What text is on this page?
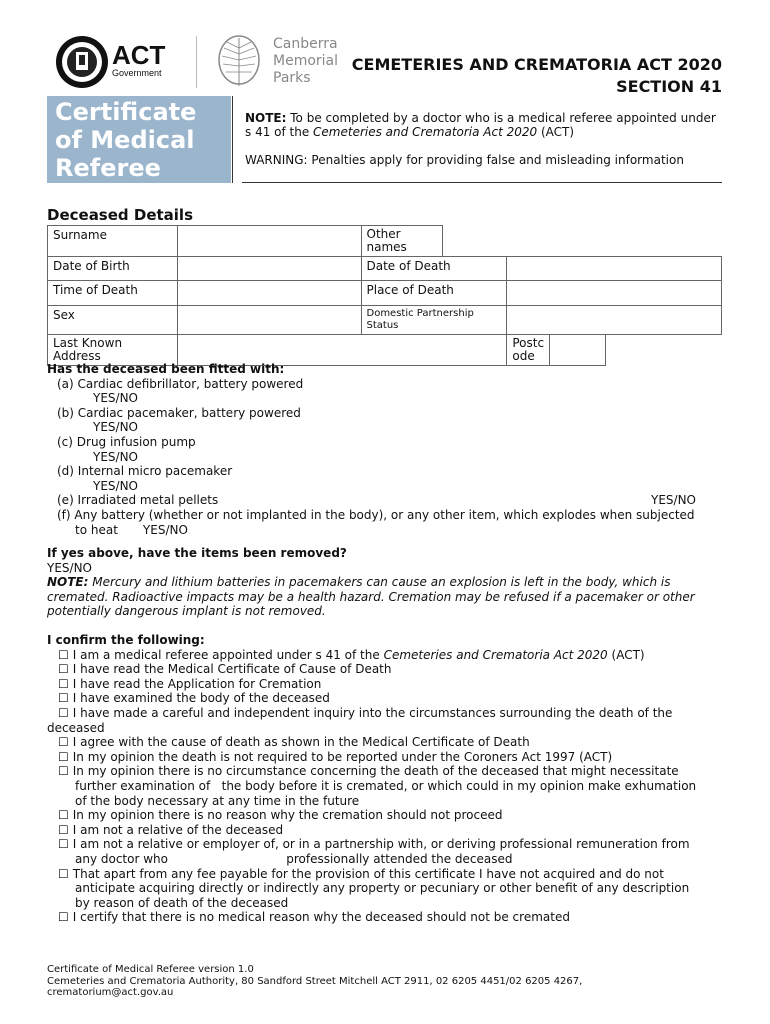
ACT
Government
Canberra
Memorial
Parks
CEMETERIES AND CREMATORIA ACT 2020
SECTION 41
Certificate
of Medical
Referee

NOTE: To be completed by a doctor who is a medical referee appointed under s 41 of the Cemeteries and Crematoria Act 2020 (ACT)

WARNING: Penalties apply for providing false and misleading information

Deceased Details
Surname		Other names				
Date of Birth		Date of Death				
Time of Death		Place of Death				
Sex		Domestic Partnership Status				
Last Known Address				Postcode		
Has the deceased been fitted with:
(a) Cardiac defibrillator, battery powered
YES/NO
(b) Cardiac pacemaker, battery powered
YES/NO
(c) Drug infusion pump
YES/NO
(d) Internal micro pacemaker
YES/NO
(e) Irradiated metal pellets	YES/NO
(f) Any battery (whether or not implanted in the body), or any other item, which explodes when subjected
to heat YES/NO
If yes above, have the items been removed?
YES/NO
NOTE: Mercury and lithium batteries in pacemakers can cause an explosion is left in the body, which is cremated. Radioactive impacts may be a health hazard. Cremation may be refused if a pacemaker or other potentially dangerous implant is not removed.
I confirm the following:
☐ I am a medical referee appointed under s 41 of the Cemeteries and Crematoria Act 2020 (ACT)
☐ I have read the Medical Certificate of Cause of Death
☐ I have read the Application for Cremation
☐ I have examined the body of the deceased
☐ I have made a careful and independent inquiry into the circumstances surrounding the death of the
deceased
☐ I agree with the cause of death as shown in the Medical Certificate of Death
☐ In my opinion the death is not required to be reported under the Coroners Act 1997 (ACT)
☐ In my opinion there is no circumstance concerning the death of the deceased that might necessitate
further examination of   the body before it is cremated, or which could in my opinion make exhumation
of the body necessary at any time in the future
☐ In my opinion there is no reason why the cremation should not proceed
☐ I am not a relative of the deceased
☐ I am not a relative or employer of, or in a partnership with, or deriving professional remuneration from
any doctor who                               professionally attended the deceased
☐ That apart from any fee payable for the provision of this certificate I have not acquired and do not
anticipate acquiring directly or indirectly any property or pecuniary or other benefit of any description
by reason of death of the deceased
☐ I certify that there is no medical reason why the deceased should not be cremated
Certificate of Medical Referee version 1.0
Cemeteries and Crematoria Authority, 80 Sandford Street Mitchell ACT 2911, 02 6205 4451/02 6205 4267,
crematorium@act.gov.au
